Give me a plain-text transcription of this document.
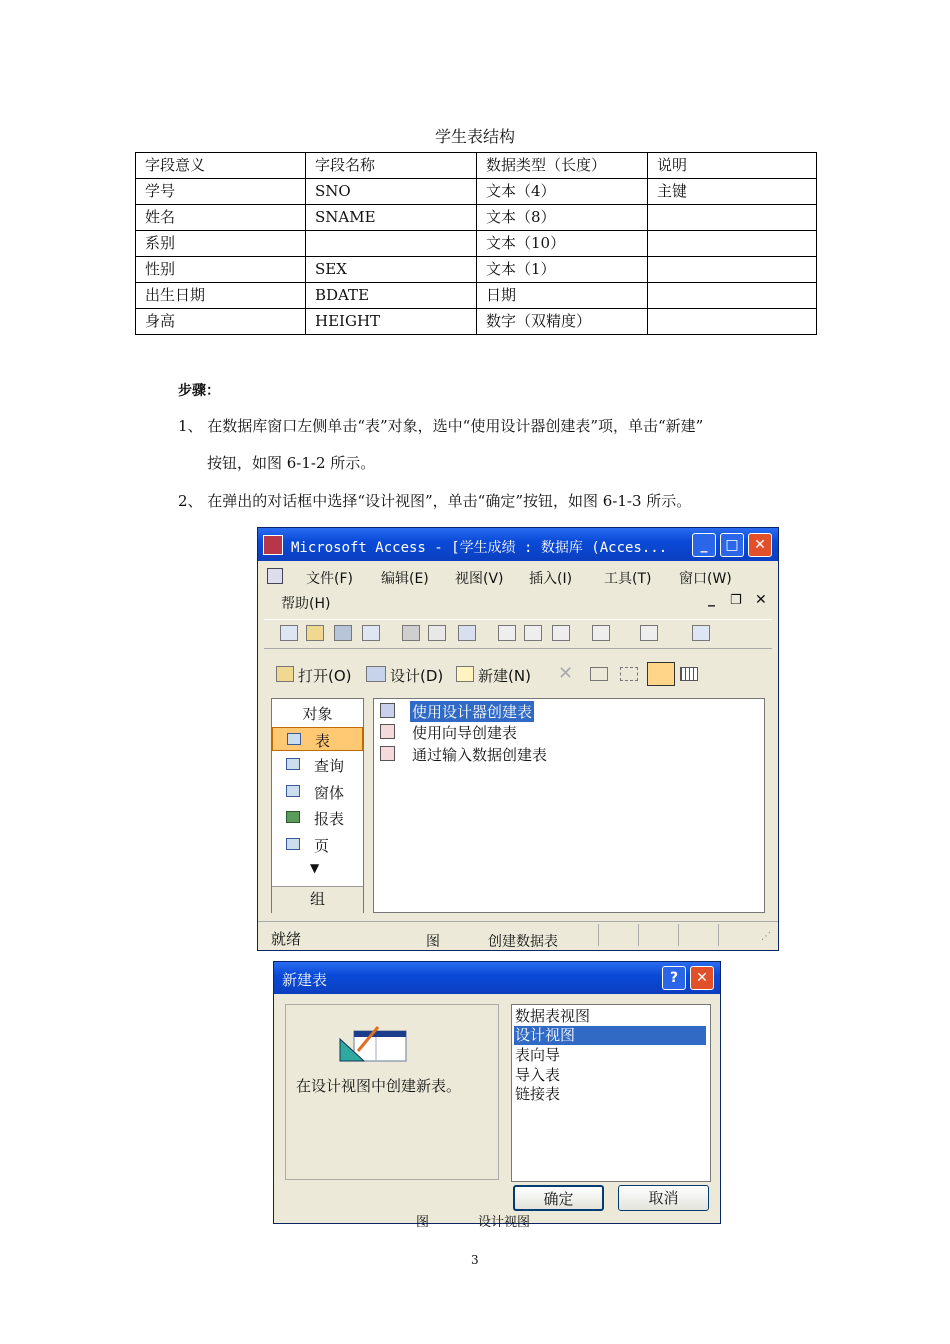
学生表结构
字段意义	字段名称	数据类型（长度）	说明
学号	SNO	文本（4）	主键
姓名	SNAME	文本（8）	
系别		文本（10）	
性别	SEX	文本（1）	
出生日期	BDATE	日期	
身高	HEIGHT	数字（双精度）	
步骤：
1、 在数据库窗口左侧单击“表”对象，选中“使用设计器创建表”项，单击“新建”
按钮，如图 6-1-2 所示。
2、 在弹出的对话框中选择“设计视图”，单击“确定”按钮，如图 6-1-3 所示。
Microsoft Access - [学生成绩 : 数据库 (Acces...	_	□	✕
文件(F) 编辑(E) 视图(V) 插入(I) 工具(T) 窗口(W)
帮助(H)	_ ❐ ✕
打开(O)	设计(D) 新建(N) ✕
对象
表
查询
窗体
报表
页
▼
组
使用设计器创建表
使用向导创建表
通过输入数据创建表
就绪	图	创建数据表	⋰
新建表	?	✕
在设计视图中创建新表。
数据表视图
设计视图
表向导
导入表
链接表
确定	取消
图	设计视图
3
